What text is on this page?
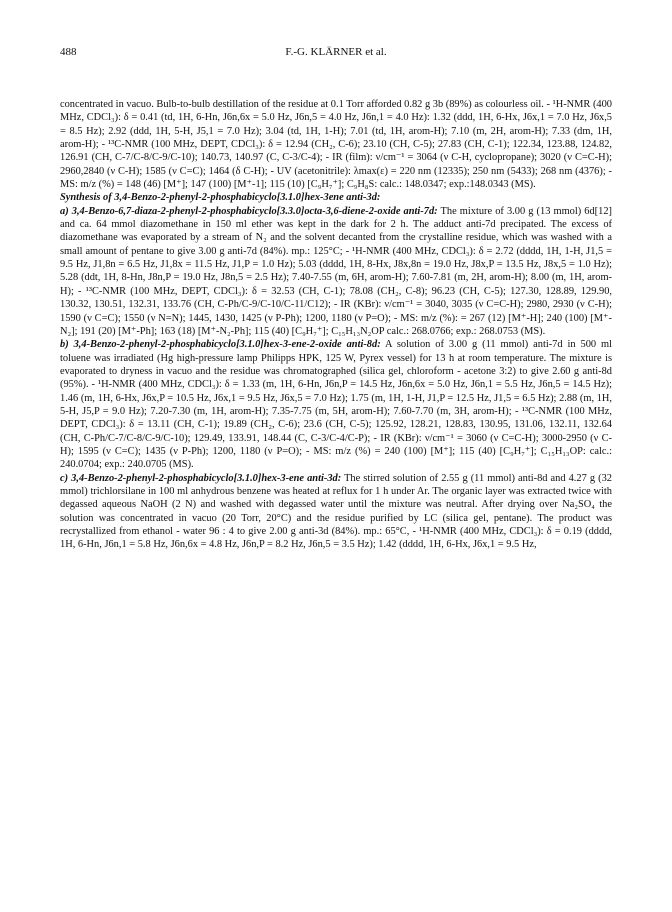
488	F.-G. KLÄRNER et al.

concentrated in vacuo. Bulb-to-bulb destillation of the residue at 0.1 Torr afforded 0.82 g 3b (89%) as colourless oil. - ¹H-NMR (400 MHz, CDCl₃): δ = 0.41 (td, 1H, 6-Hn, J6n,6x = 5.0 Hz, J6n,5 = 4.0 Hz, J6n,1 = 4.0 Hz): 1.32 (ddd, 1H, 6-Hx, J6x,1 = 7.0 Hz, J6x,5 = 8.5 Hz); 2.92 (ddd, 1H, 5-H, J5,1 = 7.0 Hz); 3.04 (td, 1H, 1-H); 7.01 (td, 1H, arom-H); 7.10 (m, 2H, arom-H); 7.33 (dm, 1H, arom-H); - ¹³C-NMR (100 MHz, DEPT, CDCl₃): δ = 12.94 (CH₂, C-6); 23.10 (CH, C-5); 27.83 (CH, C-1); 122.34, 123.88, 124.82, 126.91 (CH, C-7/C-8/C-9/C-10); 140.73, 140.97 (C, C-3/C-4); - IR (film): ν/cm⁻¹ = 3064 (ν C-H, cyclopropane); 3020 (ν C=C-H); 2960,2840 (ν C-H); 1585 (ν C=C); 1464 (δ C-H); - UV (acetonitrile): λmax(ε) = 220 nm (12335); 250 nm (5433); 268 nm (4376); - MS: m/z (%) = 148 (46) [M⁺]; 147 (100) [M⁺-1]; 115 (10) [C₉H₇⁺]; C₉H₈S: calc.: 148.0347; exp.:148.0343 (MS).

Synthesis of 3,4-Benzo-2-phenyl-2-phosphabicyclo[3.1.0]hex-3ene anti-3d:

a) 3,4-Benzo-6,7-diaza-2-phenyl-2-phosphabicyclo[3.3.0]octa-3,6-diene-2-oxide anti-7d: The mixture of 3.00 g (13 mmol) 6d[12] and ca. 64 mmol diazomethane in 150 ml ether was kept in the dark for 2 h. The adduct anti-7d precipated. The excess of diazomethane was evaporated by a stream of N₂ and the solvent decanted from the crystalline residue, which was washed with a small amount of pentane to give 3.00 g anti-7d (84%). mp.: 125°C; - ¹H-NMR (400 MHz, CDCl₃): δ = 2.72 (dddd, 1H, 1-H, J1,5 = 9.5 Hz, J1,8n = 6.5 Hz, J1,8x = 11.5 Hz, J1,P = 1.0 Hz); 5.03 (dddd, 1H, 8-Hx, J8x,8n = 19.0 Hz, J8x,P = 13.5 Hz, J8x,5 = 1.0 Hz); 5.28 (ddt, 1H, 8-Hn, J8n,P = 19.0 Hz, J8n,5 = 2.5 Hz); 7.40-7.55 (m, 6H, arom-H); 7.60-7.81 (m, 2H, arom-H); 8.00 (m, 1H, arom-H); - ¹³C-NMR (100 MHz, DEPT, CDCl₃): δ = 32.53 (CH, C-1); 78.08 (CH₂, C-8); 96.23 (CH, C-5); 127.30, 128.89, 129.90, 130.32, 130.51, 132.31, 133.76 (CH, C-Ph/C-9/C-10/C-11/C12); - IR (KBr): ν/cm⁻¹ = 3040, 3035 (ν C=C-H); 2980, 2930 (ν C-H); 1590 (ν C=C); 1550 (ν N=N); 1445, 1430, 1425 (ν P-Ph); 1200, 1180 (ν P=O); - MS: m/z (%): = 267 (12) [M⁺-H]; 240 (100) [M⁺-N₂]; 191 (20) [M⁺-Ph]; 163 (18) [M⁺-N₂-Ph]; 115 (40) [C₉H₇⁺]; C₁₅H₁₃N₂OP calc.: 268.0766; exp.: 268.0753 (MS).

b) 3,4-Benzo-2-phenyl-2-phosphabicyclo[3.1.0]hex-3-ene-2-oxide anti-8d: A solution of 3.00 g (11 mmol) anti-7d in 500 ml toluene was irradiated (Hg high-pressure lamp Philipps HPK, 125 W, Pyrex vessel) for 13 h at room temperature. The mixture is evaporated to dryness in vacuo and the residue was chromatographed (silica gel, chloroform - acetone 3:2) to give 2.60 g anti-8d (95%). - ¹H-NMR (400 MHz, CDCl₃): δ = 1.33 (m, 1H, 6-Hn, J6n,P = 14.5 Hz, J6n,6x = 5.0 Hz, J6n,1 = 5.5 Hz, J6n,5 = 14.5 Hz); 1.46 (m, 1H, 6-Hx, J6x,P = 10.5 Hz, J6x,1 = 9.5 Hz, J6x,5 = 7.0 Hz); 1.75 (m, 1H, 1-H, J1,P = 12.5 Hz, J1,5 = 6.5 Hz); 2.88 (m, 1H, 5-H, J5,P = 9.0 Hz); 7.20-7.30 (m, 1H, arom-H); 7.35-7.75 (m, 5H, arom-H); 7.60-7.70 (m, 3H, arom-H); - ¹³C-NMR (100 MHz, DEPT, CDCl₃): δ = 13.11 (CH, C-1); 19.89 (CH₂, C-6); 23.6 (CH, C-5); 125.92, 128.21, 128.83, 130.95, 131.06, 132.11, 132.64 (CH, C-Ph/C-7/C-8/C-9/C-10); 129.49, 133.91, 148.44 (C, C-3/C-4/C-P); - IR (KBr): ν/cm⁻¹ = 3060 (ν C=C-H); 3000-2950 (ν C-H); 1595 (ν C=C); 1435 (ν P-Ph); 1200, 1180 (ν P=O); - MS: m/z (%) = 240 (100) [M⁺]; 115 (40) [C₉H₇⁺]; C₁₅H₁₃OP: calc.: 240.0704; exp.: 240.0705 (MS).

c) 3,4-Benzo-2-phenyl-2-phosphabicyclo[3.1.0]hex-3-ene anti-3d: The stirred solution of 2.55 g (11 mmol) anti-8d and 4.27 g (32 mmol) trichlorsilane in 100 ml anhydrous benzene was heated at reflux for 1 h under Ar. The organic layer was extracted twice with degassed aqueous NaOH (2 N) and washed with degassed water until the mixture was neutral. After drying over Na₂SO₄ the solution was concentrated in vacuo (20 Torr, 20°C) and the residue purified by LC (silica gel, pentane). The product was recrystallized from ethanol - water 96 : 4 to give 2.00 g anti-3d (84%). mp.: 65°C, - ¹H-NMR (400 MHz, CDCl₃): δ = 0.19 (dddd, 1H, 6-Hn, J6n,1 = 5.8 Hz, J6n,6x = 4.8 Hz, J6n,P = 8.2 Hz, J6n,5 = 3.5 Hz); 1.42 (dddd, 1H, 6-Hx, J6x,1 = 9.5 Hz,
